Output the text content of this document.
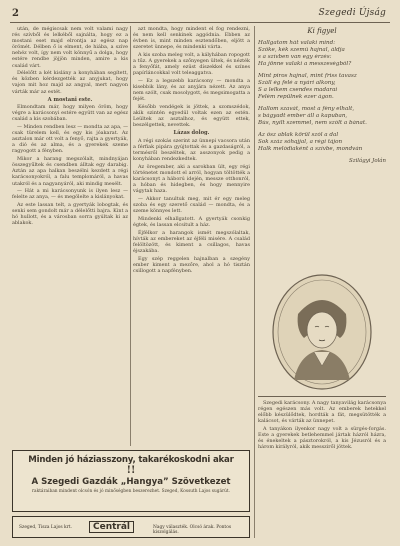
2	Szegedi Újság

után, de mégiscsak nem volt valami nagy rés szívből és lelkéből sajnálta, hogy ez a mostani eset majd elrontja az egész nap örömét. Délben ő is elment, de hiába, a szíve nehéz volt, így nem volt könnyű a dolga, hogy estére rendbe jöjjön minden, amire a kis család várt.

Délelőtt a két kislány a konyhában segített, és közben kérdezgették az anyjukat, hogy vajon mit hoz majd az angyal, mert nagyon várták már az estét.

A mostani este.

Elmondtam már, hogy milyen öröm, hogy végre a karácsonyi estére együtt van az egész család a kis szobában.

— Minden rendben lesz — mondta az apa, — csak türelem kell, és egy kis jóakarat. Az asztalon már ott volt a fenyő, rajta a gyertyák, a dió és az alma, és a gyerekek szeme ragyogott a fényben.

Mikor a harang megszólalt, mindnyájan összegyűltek és csendben álltak egy darabig. Aztán az apa halkan beszélni kezdett a régi karácsonyokról, a falu templomáról, a havas utakról és a nagyanyáról, aki mindig mesélt.

— Hát a mi karácsonyunk is ilyen lesz — felelte az anya, — és megölelte a kislányokat.

Az este lassan telt, a gyertyák lobogtak, és senki sem gondolt már a délelőtti bajra. Kint a hó hullott, és a városban sorra gyúltak ki az ablakok.

azt mondta, hogy mindent el fog rendezni, és nem kell senkinek aggódnia. Ebben az évben is, mint minden esztendőben, eljött a szeretet ünnepe, és mindenki várta.

A kis szoba meleg volt, a kályhában ropogott a tűz. A gyerekek a szőnyegen ültek, és nézték a fenyőfát, amely ezüst díszekkel és színes papírláncokkal volt teleaggatva.

— Ez a legszebb karácsony — mondta a kisebbik lány, és az anyjára nézett. Az anya nem szólt, csak mosolygott, és megsimogatta a fejét.

Később vendégek is jöttek, a szomszédok, akik szintén egyedül voltak ezen az estén. Leültek az asztalhoz, és együtt ettek, beszélgettek, nevettek.

Lázas dolog.

A régi szokás szerint az ünnepi vacsora után a férfiak pipára gyújtottak és a gazdaságról, a termésről beszéltek, az asszonyok pedig a konyhában rendezkedtek.

Az öregember, aki a sarokban ült, egy régi történetet mondott el arról, hogyan töltötték a karácsonyt a háború idején, messze otthonról, a hóban és hidegben, és hogy mennyire vágytak haza.

— Akkor tanultuk meg, mit ér egy meleg szoba és egy szerető család — mondta, és a szeme könnyes lett.

Mindenki elhallgatott. A gyertyák csonkig égtek, és lassan elcsitult a ház.

Éjfélkor a harangok ismét megszólaltak, hívták az embereket az éjféli misére. A család felöltözött, és kiment a csillagos, havas éjszakába.

Egy szép reggelen hajnalban a szegény ember kiment a mezőre, ahol a hó tisztán csillogott a napfényben.

Ki figyel
Hallgatom hát valaki mind:
Szőke, kék szemű hajnal, áldja
s a szívben van egy érzés:
Ha jönne valaki a messzeségből?
Mint piros hajnal, mint friss tavasz
Száll ég felé a nyári alkony,
S a lelkem csendes madarai
Felém repülnek ezer ágon.
Hallom szavát, most a fény elhalt,
s bágyadt ember áll a kapuban,
Bús, nyílt szemmel, nem szólt a bánat.
Az ősz ablak körül szól a dal
Sok száz sóhajjal, a régi tájon
Halk melódiaként a szívbe, mondván
Szilágyi Jolán

Szegedi karácsony. A nagy tanyavilág karácsonya régen egészen más volt. Az emberek hetekkel előbb készülődtek, hordták a fát, megsütötték a kalácsot, és várták az ünnepet.

A tanyákon ilyenkor nagy volt a sürgés-forgás. Este a gyerekek betlehemmel jártak házról házra, és énekeltek a pásztorokról, a kis Jézusról és a három királyról, akik messziről jöttek.

Minden jó háziasszony, takarékoskodni akar
!!
A Szegedi Gazdák „Hangya” Szövetkezet
raktáraiban mindent olcsón és jó minőségben beszerezhet. Szeged, Kossuth Lajos sugárút.
Szeged, Tisza Lajos krt.	Centrál	Nagy választék. Olcsó árak. Pontos kiszolgálás.
